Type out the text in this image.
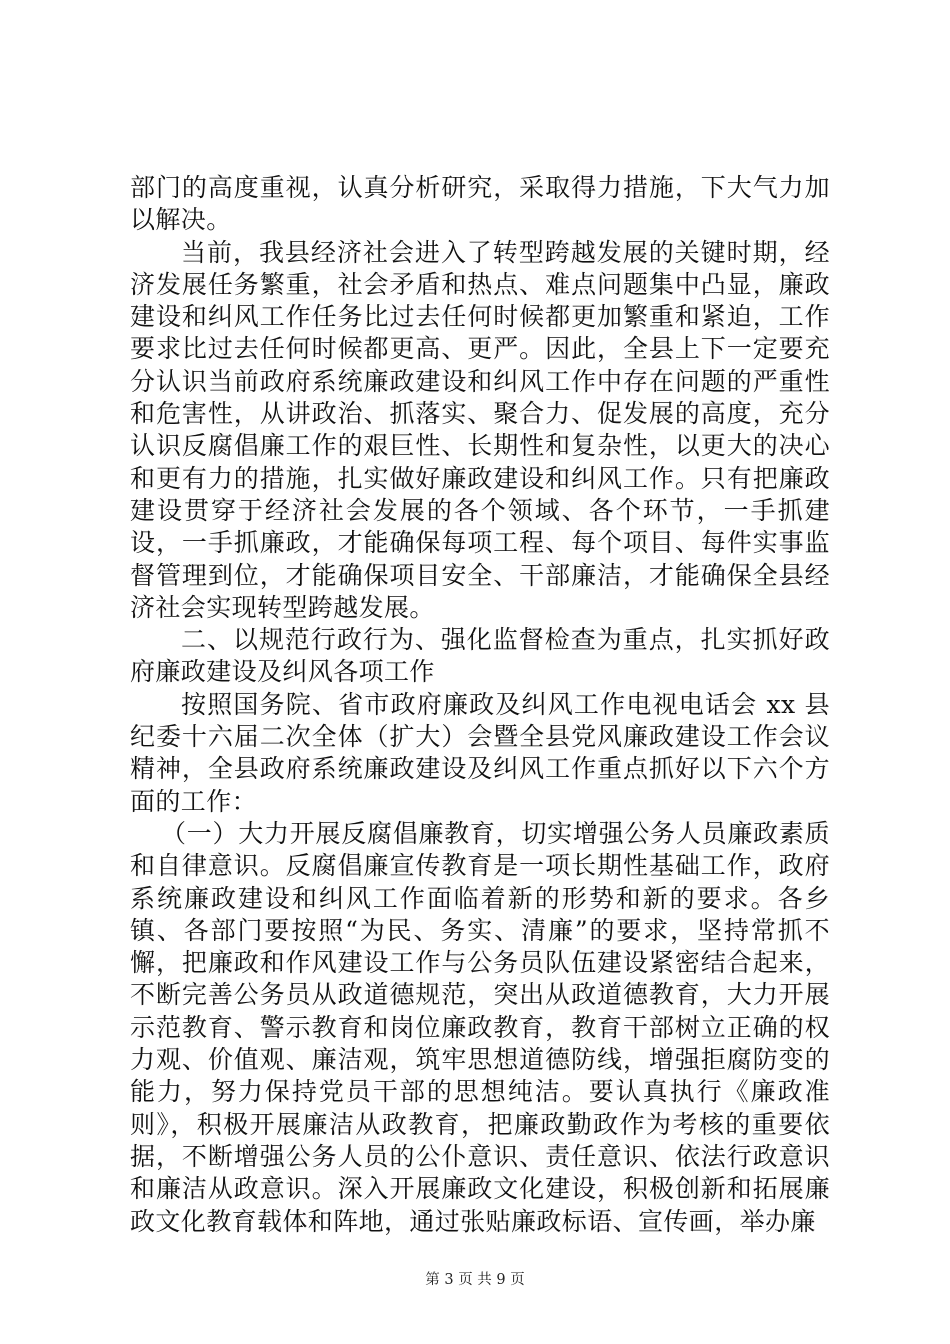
部门的高度重视，认真分析研究，采取得力措施，下大气力加以解决。

当前，我县经济社会进入了转型跨越发展的关键时期，经济发展任务繁重，社会矛盾和热点、难点问题集中凸显，廉政建设和纠风工作任务比过去任何时候都更加繁重和紧迫，工作要求比过去任何时候都更高、更严。因此，全县上下一定要充分认识当前政府系统廉政建设和纠风工作中存在问题的严重性和危害性，从讲政治、抓落实、聚合力、促发展的高度，充分认识反腐倡廉工作的艰巨性、长期性和复杂性，以更大的决心和更有力的措施，扎实做好廉政建设和纠风工作。只有把廉政建设贯穿于经济社会发展的各个领域、各个环节，一手抓建设，一手抓廉政，才能确保每项工程、每个项目、每件实事监督管理到位，才能确保项目安全、干部廉洁，才能确保全县经济社会实现转型跨越发展。

二、以规范行政行为、强化监督检查为重点，扎实抓好政府廉政建设及纠风各项工作

按照国务院、省市政府廉政及纠风工作电视电话会 xx 县纪委十六届二次全体（扩大）会暨全县党风廉政建设工作会议精神，全县政府系统廉政建设及纠风工作重点抓好以下六个方面的工作：

（一）大力开展反腐倡廉教育，切实增强公务人员廉政素质和自律意识。反腐倡廉宣传教育是一项长期性基础工作，政府系统廉政建设和纠风工作面临着新的形势和新的要求。各乡镇、各部门要按照“为民、务实、清廉”的要求，坚持常抓不懈，把廉政和作风建设工作与公务员队伍建设紧密结合起来，不断完善公务员从政道德规范，突出从政道德教育，大力开展示范教育、警示教育和岗位廉政教育，教育干部树立正确的权力观、价值观、廉洁观，筑牢思想道德防线，增强拒腐防变的能力，努力保持党员干部的思想纯洁。要认真执行《廉政准则》，积极开展廉洁从政教育，把廉政勤政作为考核的重要依据，不断增强公务人员的公仆意识、责任意识、依法行政意识和廉洁从政意识。深入开展廉政文化建设，积极创新和拓展廉政文化教育载体和阵地，通过张贴廉政标语、宣传画，举办廉

第 3 页 共 9 页
